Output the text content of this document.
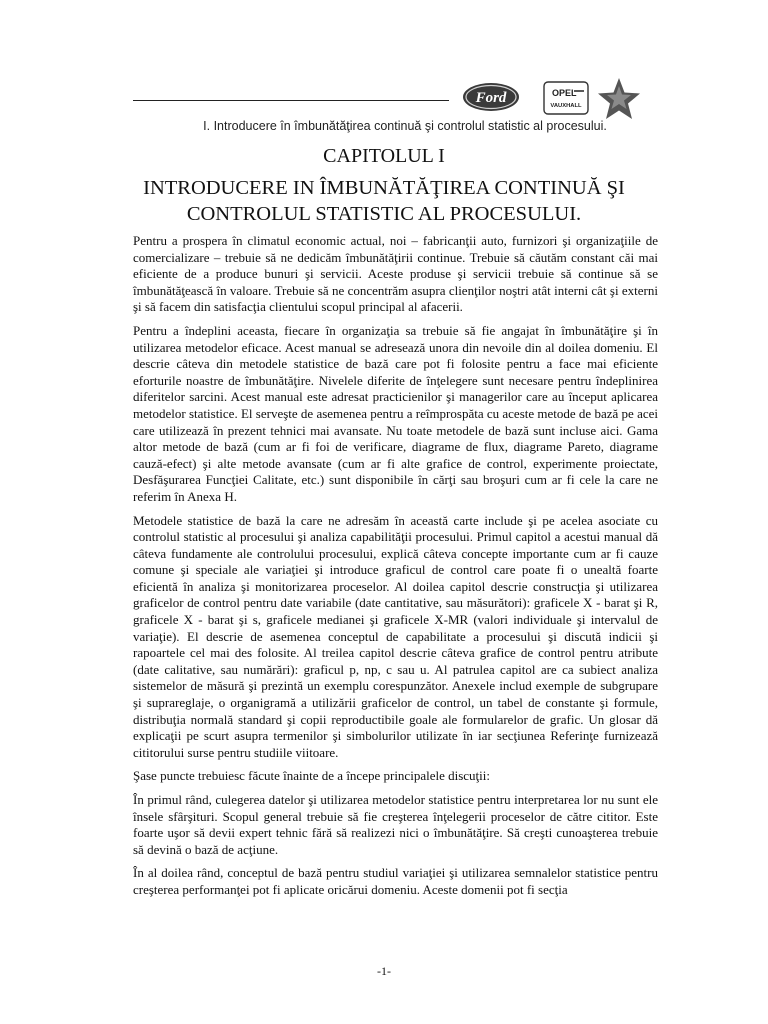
Ford	OPEL
VAUXHALL
I. Introducere în îmbunătăţirea continuă şi controlul statistic al procesului.
CAPITOLUL I
INTRODUCERE IN ÎMBUNĂTĂŢIREA CONTINUĂ ŞI
CONTROLUL STATISTIC AL PROCESULUI.

Pentru a prospera în climatul economic actual, noi – fabricanţii auto, furnizori şi organizaţiile de comercializare – trebuie să ne dedicăm îmbunătăţirii continue. Trebuie să căutăm constant căi mai eficiente de a produce bunuri şi servicii. Aceste produse şi servicii trebuie să continue să se îmbunătăţească în valoare. Trebuie să ne concentrăm asupra clienţilor noştri atât interni cât şi externi şi să facem din satisfacţia clientului scopul principal al afacerii.

Pentru a îndeplini aceasta, fiecare în organizaţia sa trebuie să fie angajat în îmbunătăţire şi în utilizarea metodelor eficace. Acest manual se adresează unora din nevoile din al doilea domeniu. El descrie câteva din metodele statistice de bază care pot fi folosite pentru a face mai eficiente eforturile noastre de îmbunătăţire. Nivelele diferite de înţelegere sunt necesare pentru îndeplinirea diferitelor sarcini. Acest manual este adresat practicienilor şi managerilor care au început aplicarea metodelor statistice. El serveşte de asemenea pentru a reîmprospăta cu aceste metode de bază pe acei care utilizează în prezent tehnici mai avansate. Nu toate metodele de bază sunt incluse aici. Gama altor metode de bază (cum ar fi foi de verificare, diagrame de flux, diagrame Pareto, diagrame cauză-efect) şi alte metode avansate (cum ar fi alte grafice de control, experimente proiectate, Desfăşurarea Funcţiei Calitate, etc.) sunt disponibile în cărţi sau broşuri cum ar fi cele la care ne referim în Anexa H.

Metodele statistice de bază la care ne adresăm în această carte include şi pe acelea asociate cu controlul statistic al procesului şi analiza capabilităţii procesului. Primul capitol a acestui manual dă câteva fundamente ale controlului procesului, explică câteva concepte importante cum ar fi cauze comune şi speciale ale variaţiei şi introduce graficul de control care poate fi o unealtă foarte eficientă în analiza şi monitorizarea proceselor. Al doilea capitol descrie construcţia şi utilizarea graficelor de control pentru date variabile (date cantitative, sau măsurători): graficele X - barat şi R, graficele X - barat şi s, graficele medianei şi graficele X-MR (valori individuale şi intervalul de variaţie). El descrie de asemenea conceptul de capabilitate a procesului şi discută indicii şi rapoartele cel mai des folosite. Al treilea capitol descrie câteva grafice de control pentru atribute (date calitative, sau numărări): graficul p, np, c sau u. Al patrulea capitol are ca subiect analiza sistemelor de măsură şi prezintă un exemplu corespunzător. Anexele includ exemple de subgrupare şi suprareglaje, o organigramă a utilizării graficelor de control, un tabel de constante şi formule, distribuţia normală standard şi copii reproductibile goale ale formularelor de grafic. Un glosar dă explicaţii pe scurt asupra termenilor şi simbolurilor utilizate în iar secţiunea Referinţe furnizează cititorului surse pentru studiile viitoare.

Şase puncte trebuiesc făcute înainte de a începe principalele discuţii:

În primul rând, culegerea datelor şi utilizarea metodelor statistice pentru interpretarea lor nu sunt ele însele sfârşituri. Scopul general trebuie să fie creşterea înţelegerii proceselor de către cititor. Este foarte uşor să devii expert tehnic fără să realizezi nici o îmbunătăţire. Să creşti cunoaşterea trebuie să devină o bază de acţiune.

În al doilea rând, conceptul de bază pentru studiul variaţiei şi utilizarea semnalelor statistice pentru creşterea performanţei pot fi aplicate oricărui domeniu. Aceste domenii pot fi secţia

-1-
